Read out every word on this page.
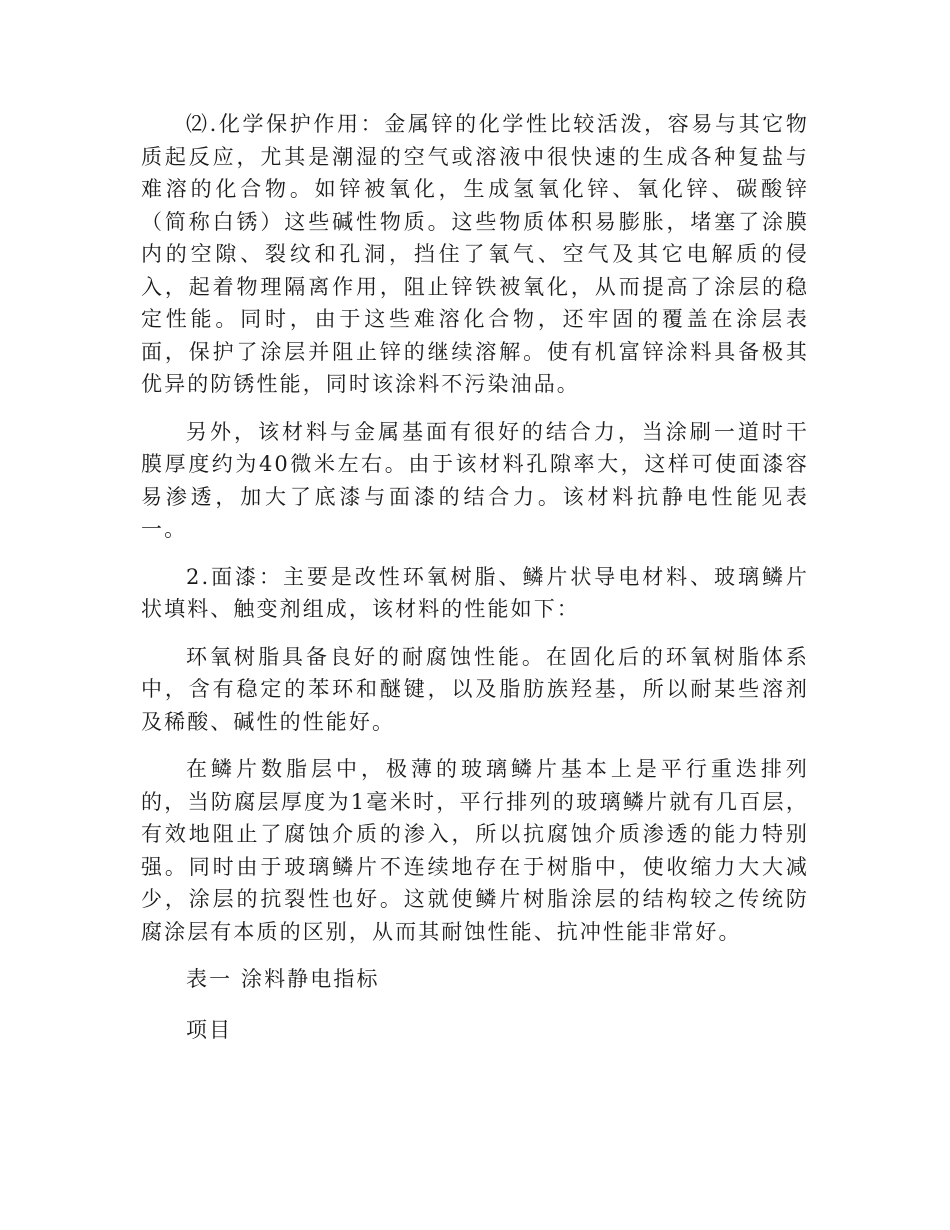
⑵.化学保护作用：金属锌的化学性比较活泼，容易与其它物质起反应，尤其是潮湿的空气或溶液中很快速的生成各种复盐与难溶的化合物。如锌被氧化，生成氢氧化锌、氧化锌、碳酸锌（简称白锈）这些碱性物质。这些物质体积易膨胀，堵塞了涂膜内的空隙、裂纹和孔洞，挡住了氧气、空气及其它电解质的侵入，起着物理隔离作用，阻止锌铁被氧化，从而提高了涂层的稳定性能。同时，由于这些难溶化合物，还牢固的覆盖在涂层表面，保护了涂层并阻止锌的继续溶解。使有机富锌涂料具备极其优异的防锈性能，同时该涂料不污染油品。

另外，该材料与金属基面有很好的结合力，当涂刷一道时干膜厚度约为40微米左右。由于该材料孔隙率大，这样可使面漆容易渗透，加大了底漆与面漆的结合力。该材料抗静电性能见表一。

2.面漆：主要是改性环氧树脂、鳞片状导电材料、玻璃鳞片状填料、触变剂组成，该材料的性能如下：

环氧树脂具备良好的耐腐蚀性能。在固化后的环氧树脂体系中，含有稳定的苯环和醚键，以及脂肪族羟基，所以耐某些溶剂及稀酸、碱性的性能好。

在鳞片数脂层中，极薄的玻璃鳞片基本上是平行重迭排列的，当防腐层厚度为1毫米时，平行排列的玻璃鳞片就有几百层，有效地阻止了腐蚀介质的渗入，所以抗腐蚀介质渗透的能力特别强。同时由于玻璃鳞片不连续地存在于树脂中，使收缩力大大减少，涂层的抗裂性也好。这就使鳞片树脂涂层的结构较之传统防腐涂层有本质的区别，从而其耐蚀性能、抗冲性能非常好。

表一 涂料静电指标

项目
